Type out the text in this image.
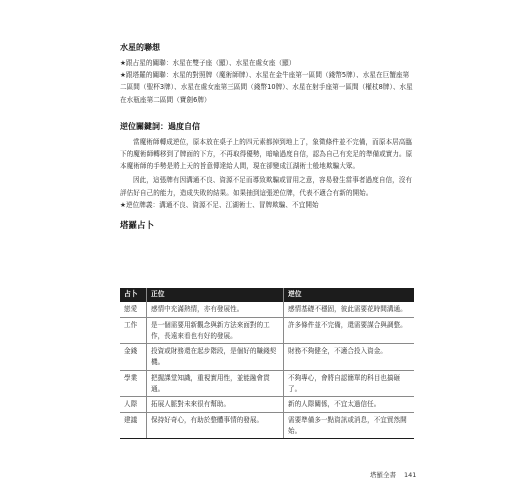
水星的聯想

★跟占星的關聯：水星在雙子座（顯）、水星在處女座（顯）

★跟塔羅的關聯：水星的對照牌（魔術師牌）、水星在金牛座第一區間（錢幣5牌）、水星在巨蟹座第二區間（聖杯3牌）、水星在處女座第三區間（錢幣10牌）、水星在射手座第一區間（權杖8牌）、水星在水瓶座第二區間（寶劍6牌）

逆位關鍵詞：過度自信

當魔術師轉成逆位，原本放在桌子上的四元素都掉到地上了，象徵條件並不完備，而原本居高臨下的魔術師轉移到了牌面的下方，不再取得優勢，暗喻過度自信，認為自己有充足的準備或實力。原本魔術師的手勢是將上天的旨意傳達給人間，現在卻變成江湖術士般地欺騙大眾。

因此，這張牌有因溝通不良、資源不足而導致欺騙或冒用之意，容易發生當事者過度自信，沒有評估好自己的能力，造成失敗的結果。如果抽到這張逆位牌，代表不適合有新的開始。

★逆位牌義：溝通不良、資源不足、江湖術士、冒牌欺騙、不宜開始

塔羅占卜

占卜	正位	逆位
戀愛	感情中充滿熱情，亦有發展性。	感情基礎不穩固，彼此需要花時間溝通。
工作	是一個需要用新觀念與新方法來面對的工作，長遠來看也有好的發展。	許多條件並不完備，還需要謀合與調整。
金錢	投資或財務還在起步階段，是個好的賺錢契機。	財務不夠健全，不適合投入資金。
學業	把握課堂知識，重視實用性，並能融會貫通。	不夠專心，會將自認簡單的科目也搞砸了。
人際	拓展人脈對未來很有幫助。	新的人際關係，不宜太過信任。
建議	保持好奇心，有助於整體事情的發展。	需要準備多一點資訊或消息，不宜貿然開始。
塔羅全書 141
